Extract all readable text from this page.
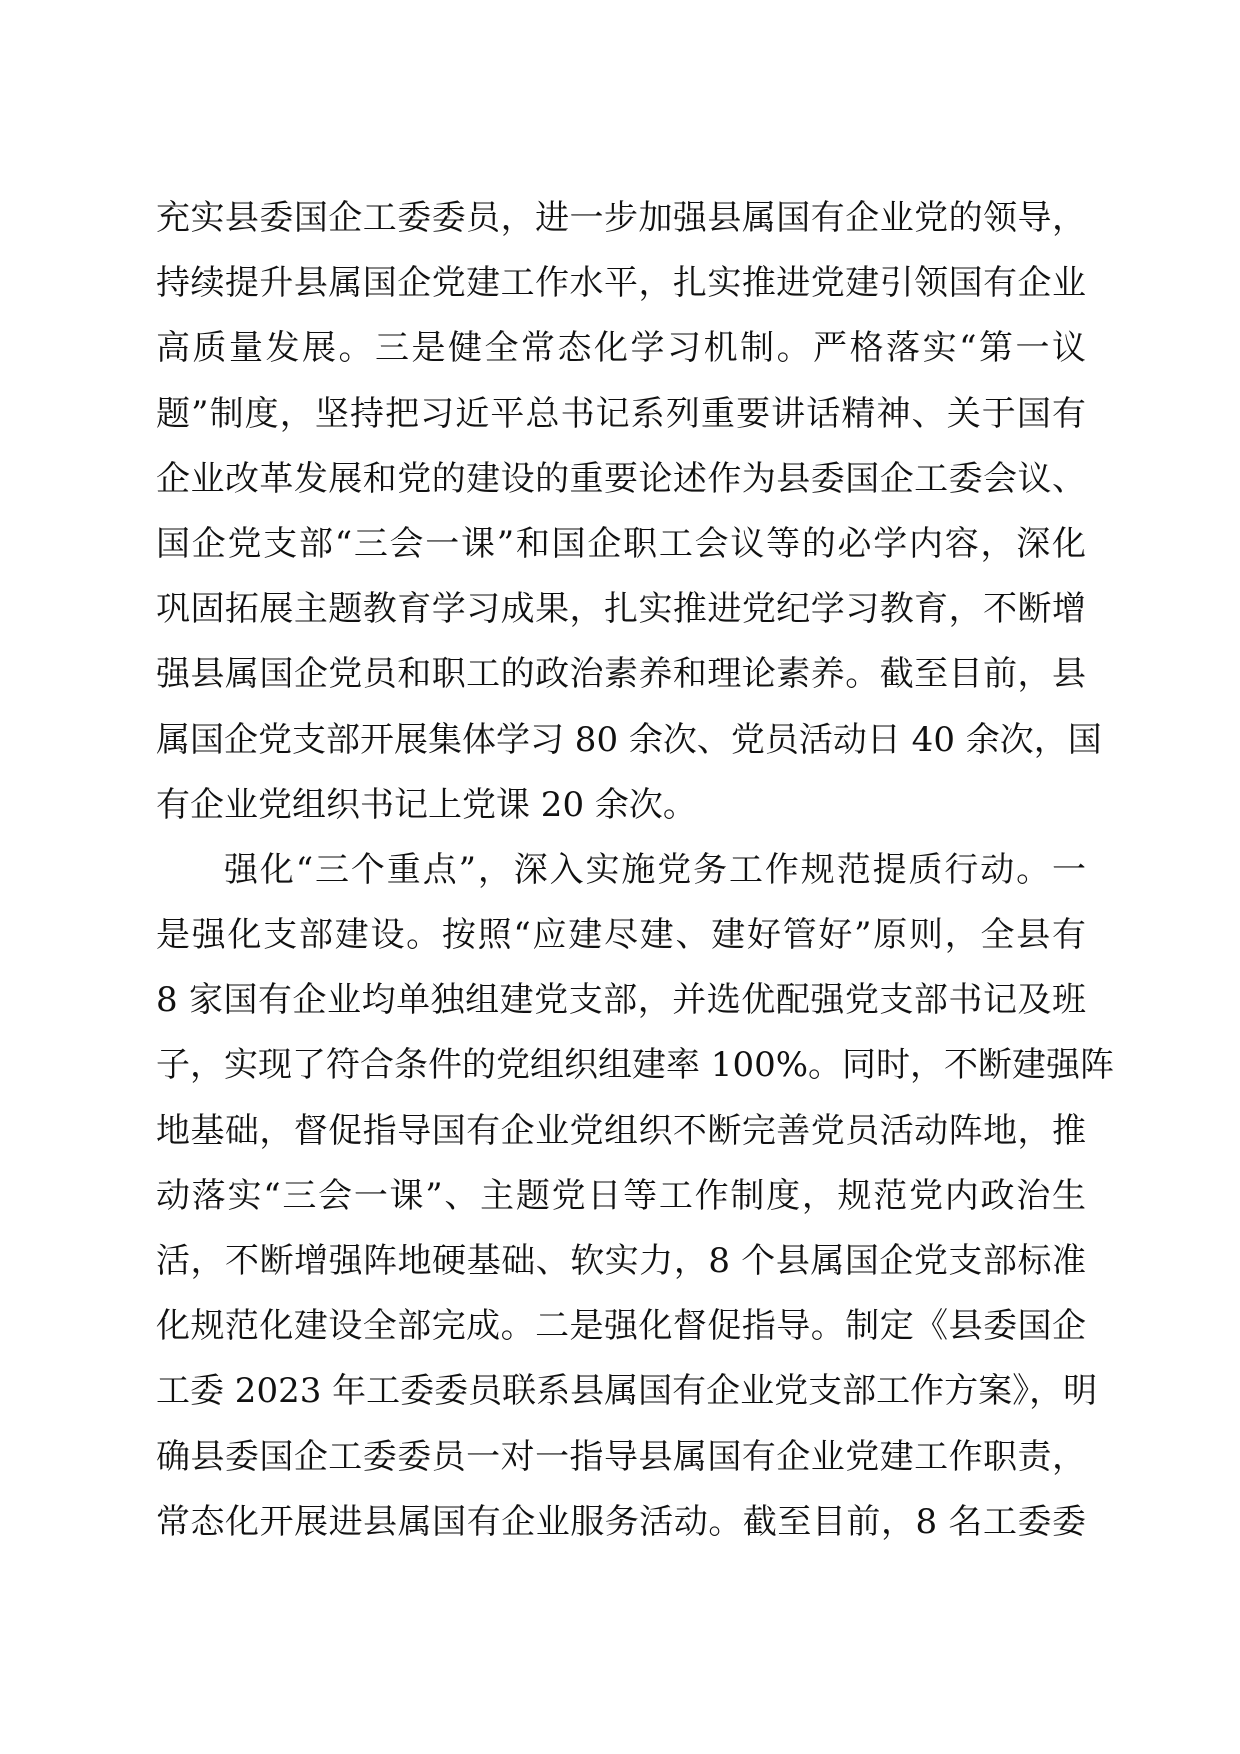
充实县委国企工委委员，进一步加强县属国有企业党的领导，
持续提升县属国企党建工作水平，扎实推进党建引领国有企业
高质量发展。三是健全常态化学习机制。严格落实“第一议
题”制度，坚持把习近平总书记系列重要讲话精神、关于国有
企业改革发展和党的建设的重要论述作为县委国企工委会议、
国企党支部“三会一课”和国企职工会议等的必学内容，深化
巩固拓展主题教育学习成果，扎实推进党纪学习教育，不断增
强县属国企党员和职工的政治素养和理论素养。截至目前，县
属国企党支部开展集体学习 80 余次、党员活动日 40 余次，国
有企业党组织书记上党课 20 余次。
强化“三个重点”，深入实施党务工作规范提质行动。一
是强化支部建设。按照“应建尽建、建好管好”原则，全县有
8 家国有企业均单独组建党支部，并选优配强党支部书记及班
子，实现了符合条件的党组织组建率 100%。同时，不断建强阵
地基础，督促指导国有企业党组织不断完善党员活动阵地，推
动落实“三会一课”、主题党日等工作制度，规范党内政治生
活，不断增强阵地硬基础、软实力，8 个县属国企党支部标准
化规范化建设全部完成。二是强化督促指导。制定《县委国企
工委 2023 年工委委员联系县属国有企业党支部工作方案》，明
确县委国企工委委员一对一指导县属国有企业党建工作职责，
常态化开展进县属国有企业服务活动。截至目前，8 名工委委
